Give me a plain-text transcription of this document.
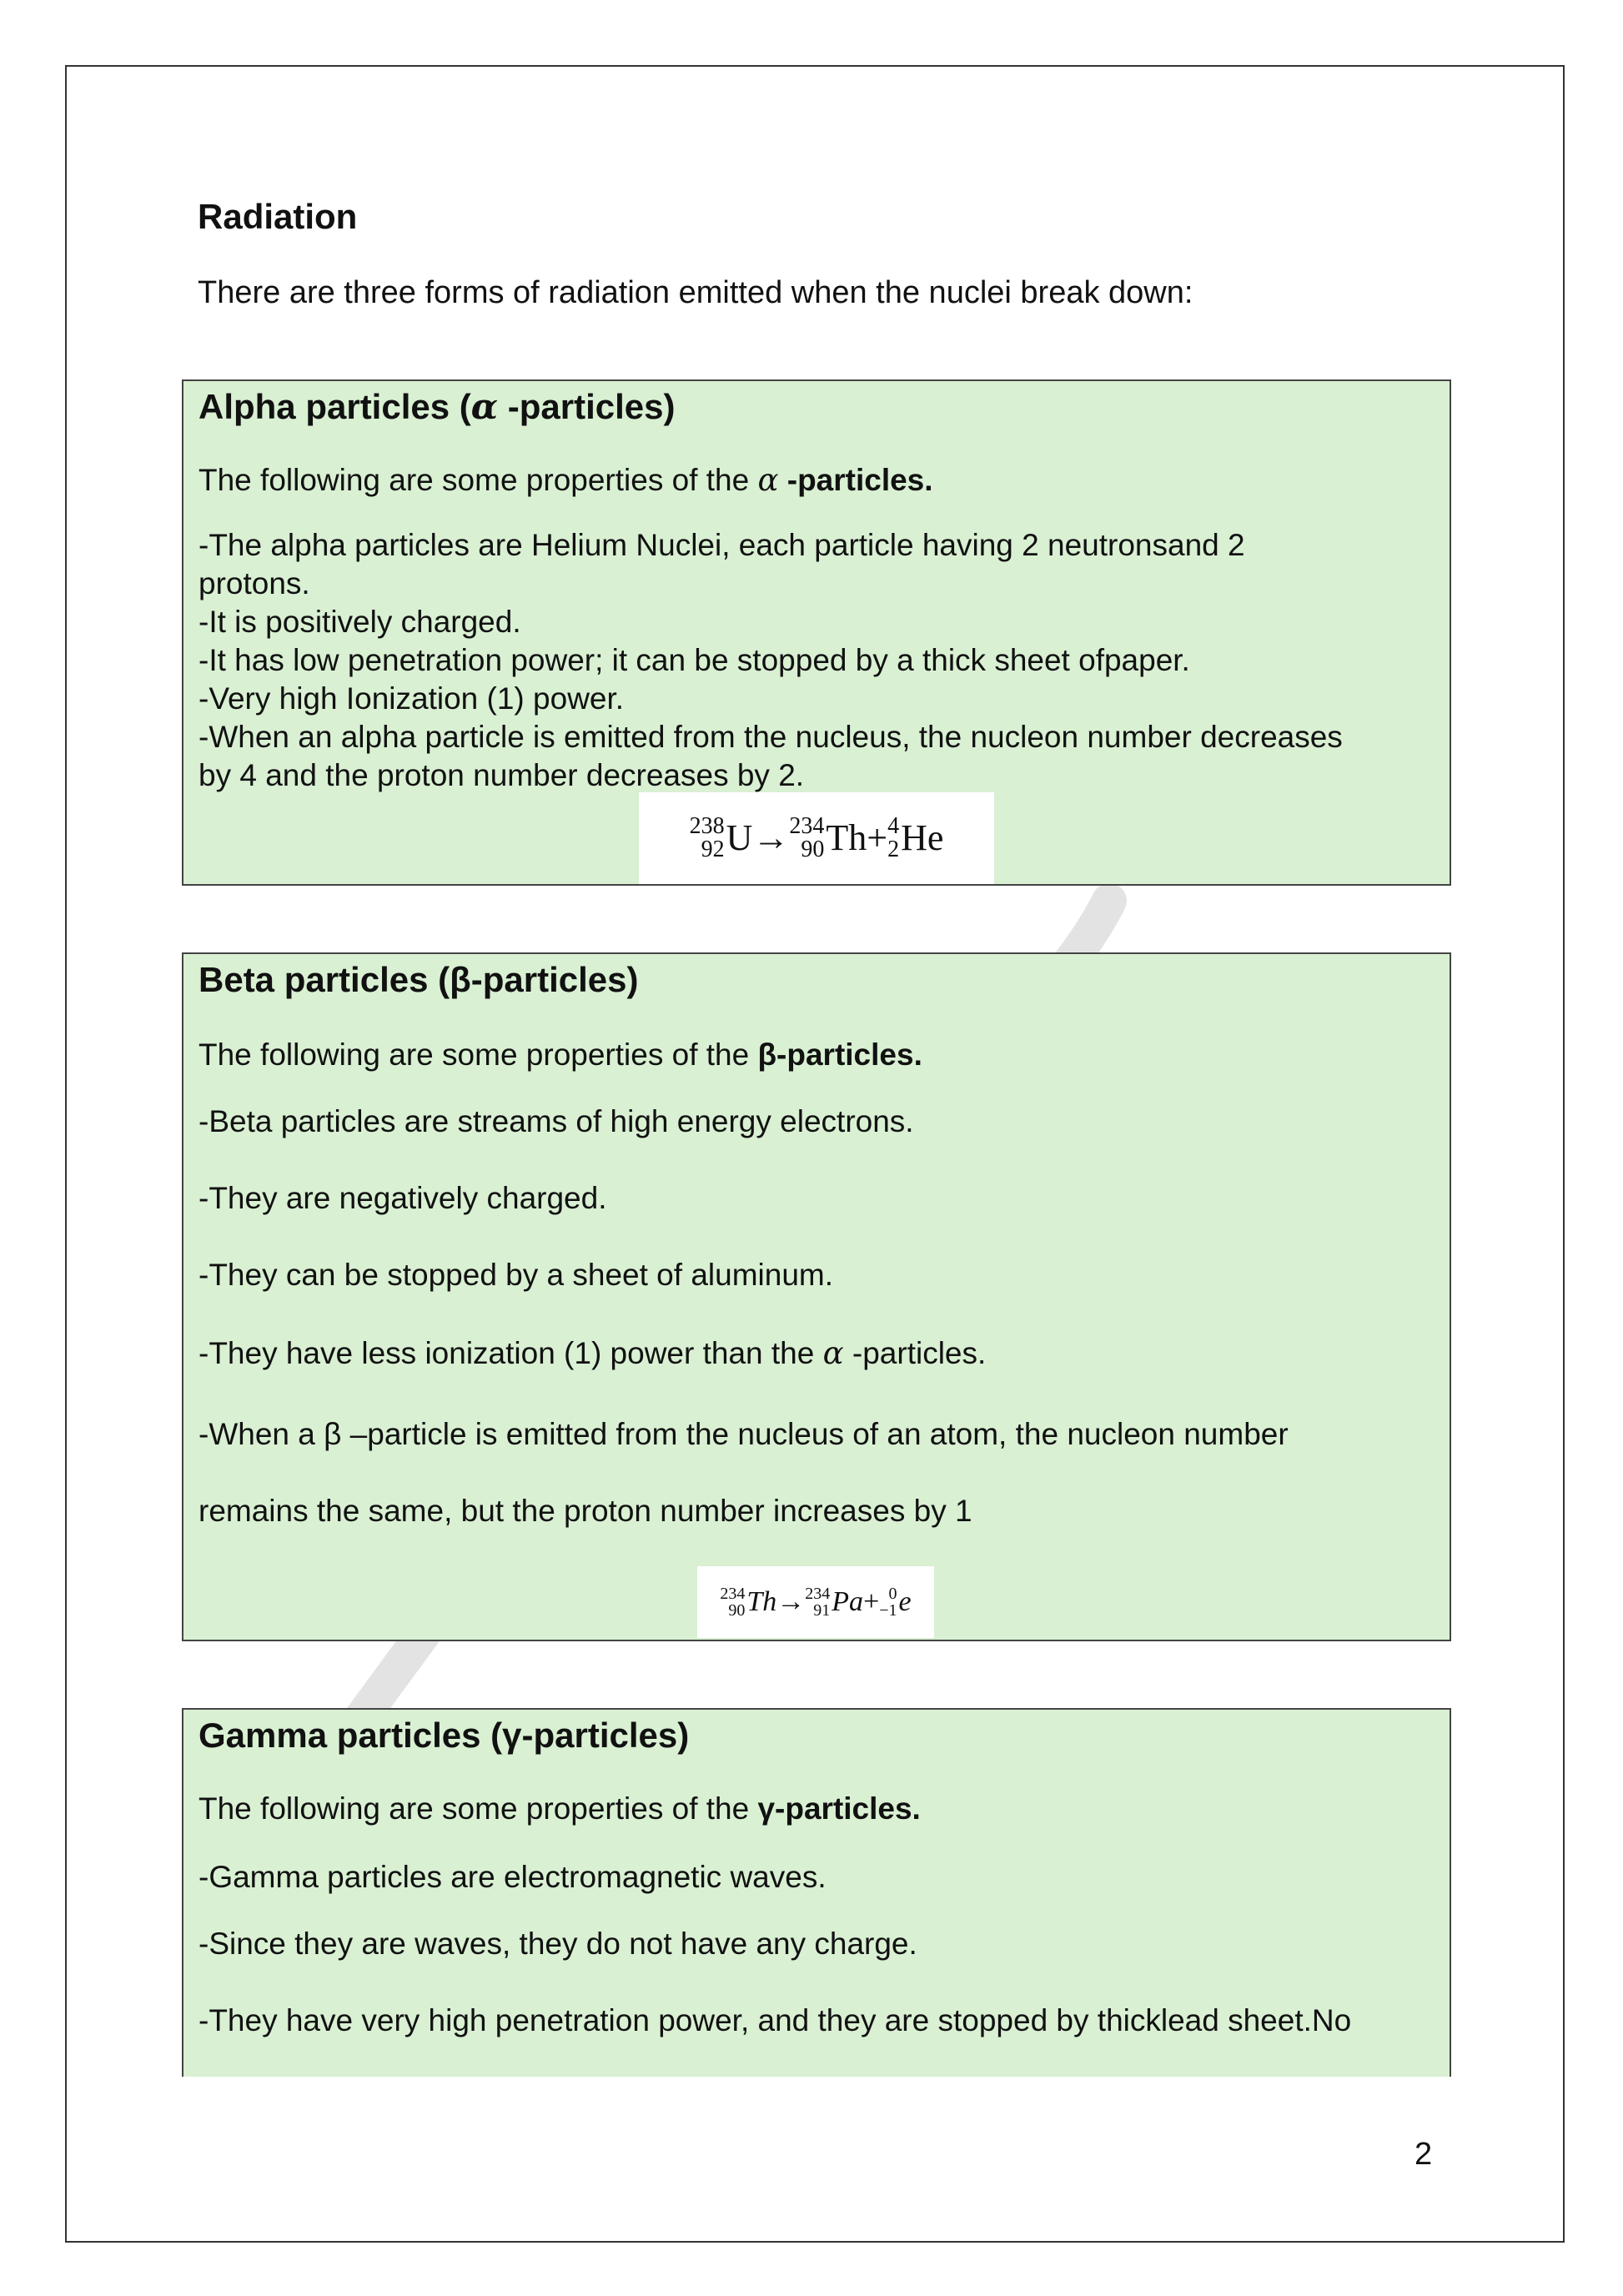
Radiation

There are three forms of radiation emitted when the nuclei break down:

Alpha particles (α -particles)
The following are some properties of the α -particles.
-The alpha particles are Helium Nuclei, each particle having 2 neutronsand 2
protons.
-It is positively charged.
-It has low penetration power; it can be stopped by a thick sheet ofpaper.
-Very high Ionization (1) power.
-When an alpha particle is emitted from the nucleus, the nucleon number decreases
by 4 and the proton number decreases by 2.
238
92 U → 234
90 Th + 4
2 He
Beta particles (β-particles)
The following are some properties of the β-particles.
-Beta particles are streams of high energy electrons.
-They are negatively charged.
-They can be stopped by a sheet of aluminum.
-They have less ionization (1) power than the α -particles.
-When a β –particle is emitted from the nucleus of an atom, the nucleon number
remains the same, but the proton number increases by 1
234
90 Th → 234
91 Pa + 0
−1 e
Gamma particles (γ-particles)
The following are some properties of the γ-particles.
-Gamma particles are electromagnetic waves.
-Since they are waves, they do not have any charge.
-They have very high penetration power, and they are stopped by thicklead sheet.No
2
